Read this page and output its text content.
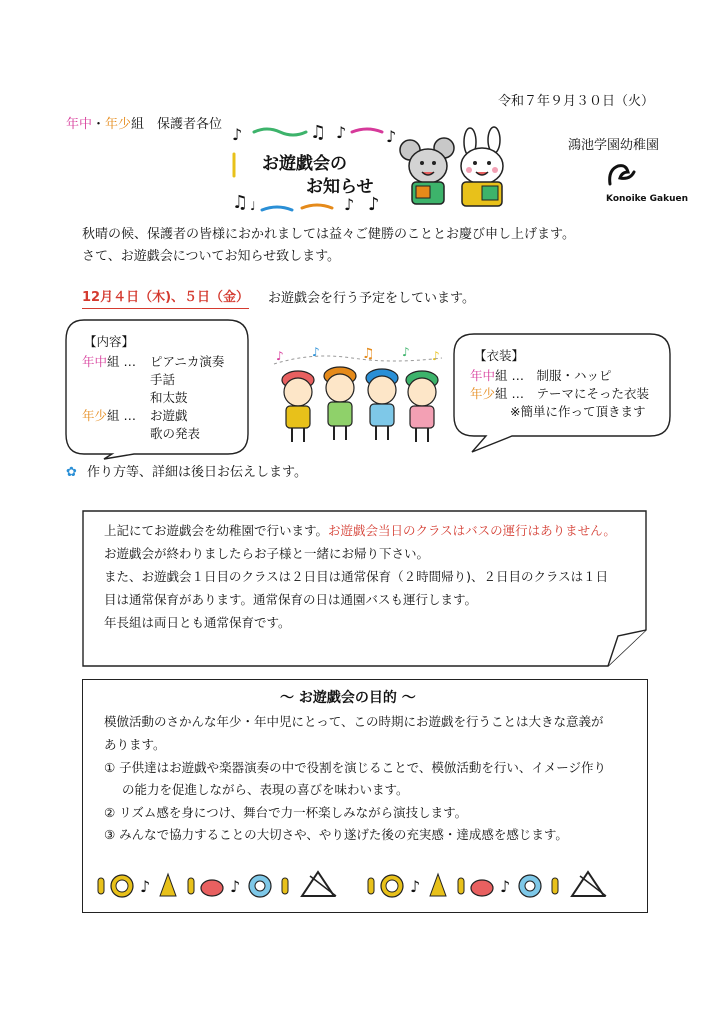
令和７年９月３０日（火）
年中・年少組　保護者各位
♪	♫ ♪ ♪
♫ ♩	♪ ♪
お遊戯会の
お知らせ
鴻池学園幼稚園
Konoike Gakuen
秋晴の候、保護者の皆様におかれましては益々ご健勝のこととお慶び申し上げます。
さて、お遊戯会についてお知らせ致します。
12月４日（木)、５日（金） お遊戯会を行う予定をしています。
【内容】
年中組 … ピアニカ演奏
手話
和太鼓
年少組 … お遊戯
歌の発表
♪ ♪	♫ ♪ ♪	【衣装】
年中組 …　制服・ハッピ
年少組 …　テーマにそった衣装
※簡単に作って頂きます
✿ 作り方等、詳細は後日お伝えします。
上記にてお遊戯会を幼稚園で行います。お遊戯会当日のクラスはバスの運行はありません。
お遊戯会が終わりましたらお子様と一緒にお帰り下さい。
また、お遊戯会１日目のクラスは２日目は通常保育（２時間帰り)、２日目のクラスは１日
目は通常保育があります。通常保育の日は通園バスも運行します。
年長組は両日とも通常保育です。
～ お遊戯会の目的 ～
模倣活動のさかんな年少・年中児にとって、この時期にお遊戯を行うことは大きな意義が
あります。
① 子供達はお遊戯や楽器演奏の中で役割を演じることで、模倣活動を行い、イメージ作り
の能力を促進しながら、表現の喜びを味わいます。
② リズム感を身につけ、舞台で力一杯楽しみながら演技します。
③ みんなで協力することの大切さや、やり遂げた後の充実感・達成感を感じます。
♪	♪
